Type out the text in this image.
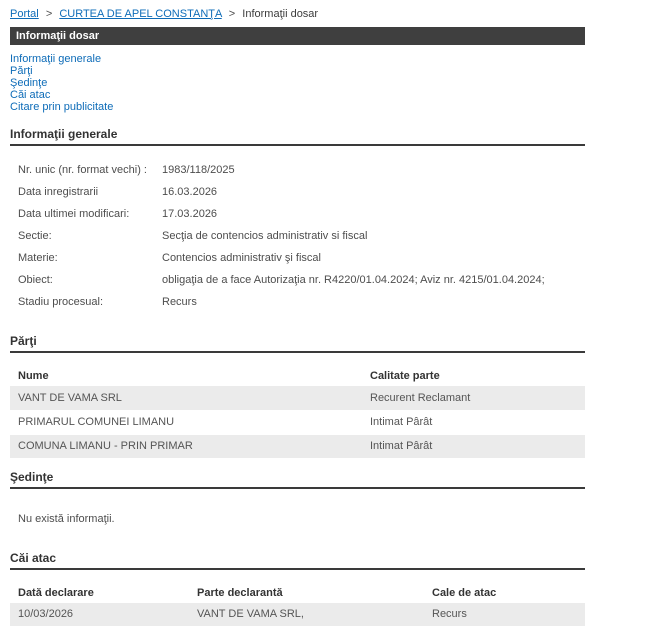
Portal > CURTEA DE APEL CONSTANŢA > Informaţii dosar
Informaţii dosar
Informaţii generale
Părţi
Şedinţe
Căi atac
Citare prin publicitate
Informaţii generale
Nr. unic (nr. format vechi) :	1983/118/2025
Data inregistrarii	16.03.2026
Data ultimei modificari:	17.03.2026
Sectie:	Secţia de contencios administrativ si fiscal
Materie:	Contencios administrativ şi fiscal
Obiect:	obligaţia de a face Autorizaţia nr. R4220/01.04.2024; Aviz nr. 4215/01.04.2024;
Stadiu procesual:	Recurs
Părţi
Nume	Calitate parte
VANT DE VAMA SRL	Recurent Reclamant
PRIMARUL COMUNEI LIMANU	Intimat Pârât
COMUNA LIMANU - PRIN PRIMAR	Intimat Pârât
Şedinţe

Nu există informaţii.

Căi atac
Dată declarare	Parte declarantă	Cale de atac
10/03/2026	VANT DE VAMA SRL,	Recurs
